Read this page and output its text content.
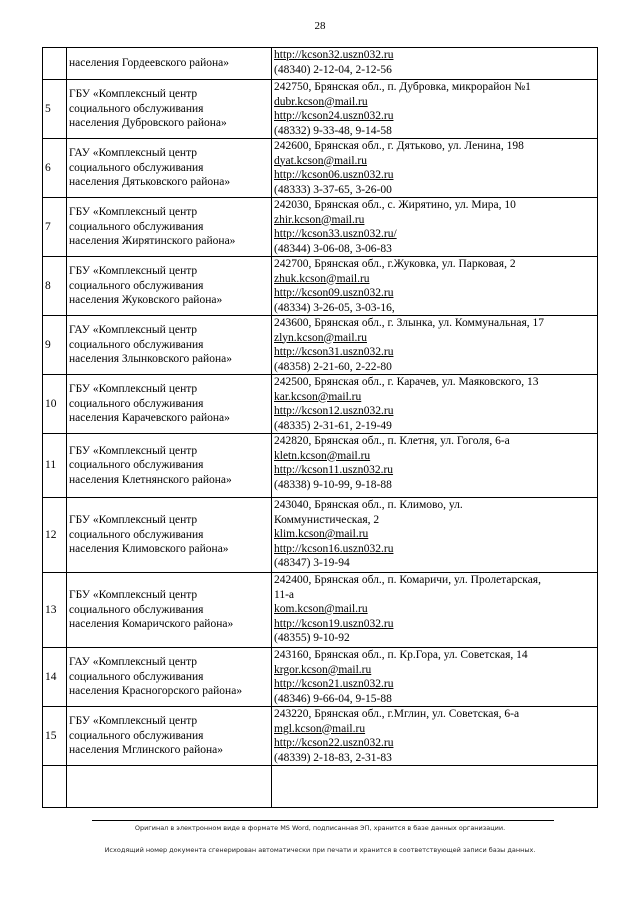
28

	населения Гордеевского района»	http://kcson32.uszn032.ru
(48340) 2-12-04, 2-12-56

5	ГБУ «Комплексный центр
социального обслуживания
населения Дубровского района»	242750, Брянская обл., п. Дубровка, микрорайон №1
dubr.kcson@mail.ru
http://kcson24.uszn032.ru
(48332) 9-33-48, 9-14-58

6	ГАУ «Комплексный центр
социального обслуживания
населения Дятьковского района»	242600, Брянская обл., г. Дятьково, ул. Ленина, 198
dyat.kcson@mail.ru
http://kcson06.uszn032.ru
(48333) 3-37-65, 3-26-00

7	ГБУ «Комплексный центр
социального обслуживания
населения Жирятинского района»	242030, Брянская обл., с. Жирятино, ул. Мира, 10
zhir.kcson@mail.ru
http://kcson33.uszn032.ru/
(48344) 3-06-08, 3-06-83

8	ГБУ «Комплексный центр
социального обслуживания
населения Жуковского района»	242700, Брянская обл., г.Жуковка, ул. Парковая, 2
zhuk.kcson@mail.ru
http://kcson09.uszn032.ru
(48334) 3-26-05, 3-03-16,

9	ГАУ «Комплексный центр
социального обслуживания
населения Злынковского района»	243600, Брянская обл., г. Злынка, ул. Коммунальная, 17
zlyn.kcson@mail.ru
http://kcson31.uszn032.ru
(48358) 2-21-60, 2-22-80

10	ГБУ «Комплексный центр
социального обслуживания
населения Карачевского района»	242500, Брянская обл., г. Карачев, ул. Маяковского, 13
kar.kcson@mail.ru
http://kcson12.uszn032.ru
(48335) 2-31-61, 2-19-49

11	ГБУ «Комплексный центр
социального обслуживания
населения Клетнянского района»	242820, Брянская обл., п. Клетня, ул. Гоголя, 6-а
kletn.kcson@mail.ru
http://kcson11.uszn032.ru
(48338) 9-10-99, 9-18-88

12	ГБУ «Комплексный центр
социального обслуживания
населения Климовского района»	243040, Брянская обл., п. Климово, ул.
Коммунистическая, 2
klim.kcson@mail.ru
http://kcson16.uszn032.ru
(48347) 3-19-94

13	ГБУ «Комплексный центр
социального обслуживания
населения Комаричского района»	242400, Брянская обл., п. Комаричи, ул. Пролетарская,
11-а
kom.kcson@mail.ru
http://kcson19.uszn032.ru
(48355) 9-10-92

14	ГАУ «Комплексный центр
социального обслуживания
населения Красногорского района»	243160, Брянская обл., п. Кр.Гора, ул. Советская, 14
krgor.kcson@mail.ru
http://kcson21.uszn032.ru
(48346) 9-66-04, 9-15-88

15	ГБУ «Комплексный центр
социального обслуживания
населения Мглинского района»	243220, Брянская обл., г.Мглин, ул. Советская, 6-а
mgl.kcson@mail.ru
http://kcson22.uszn032.ru
(48339) 2-18-83, 2-31-83

Оригинал в электронном виде в формате MS Word, подписанная ЭП, хранится в базе данных организации.
Исходящий номер документа сгенерирован автоматически при печати и хранится в соответствующей записи базы данных.
